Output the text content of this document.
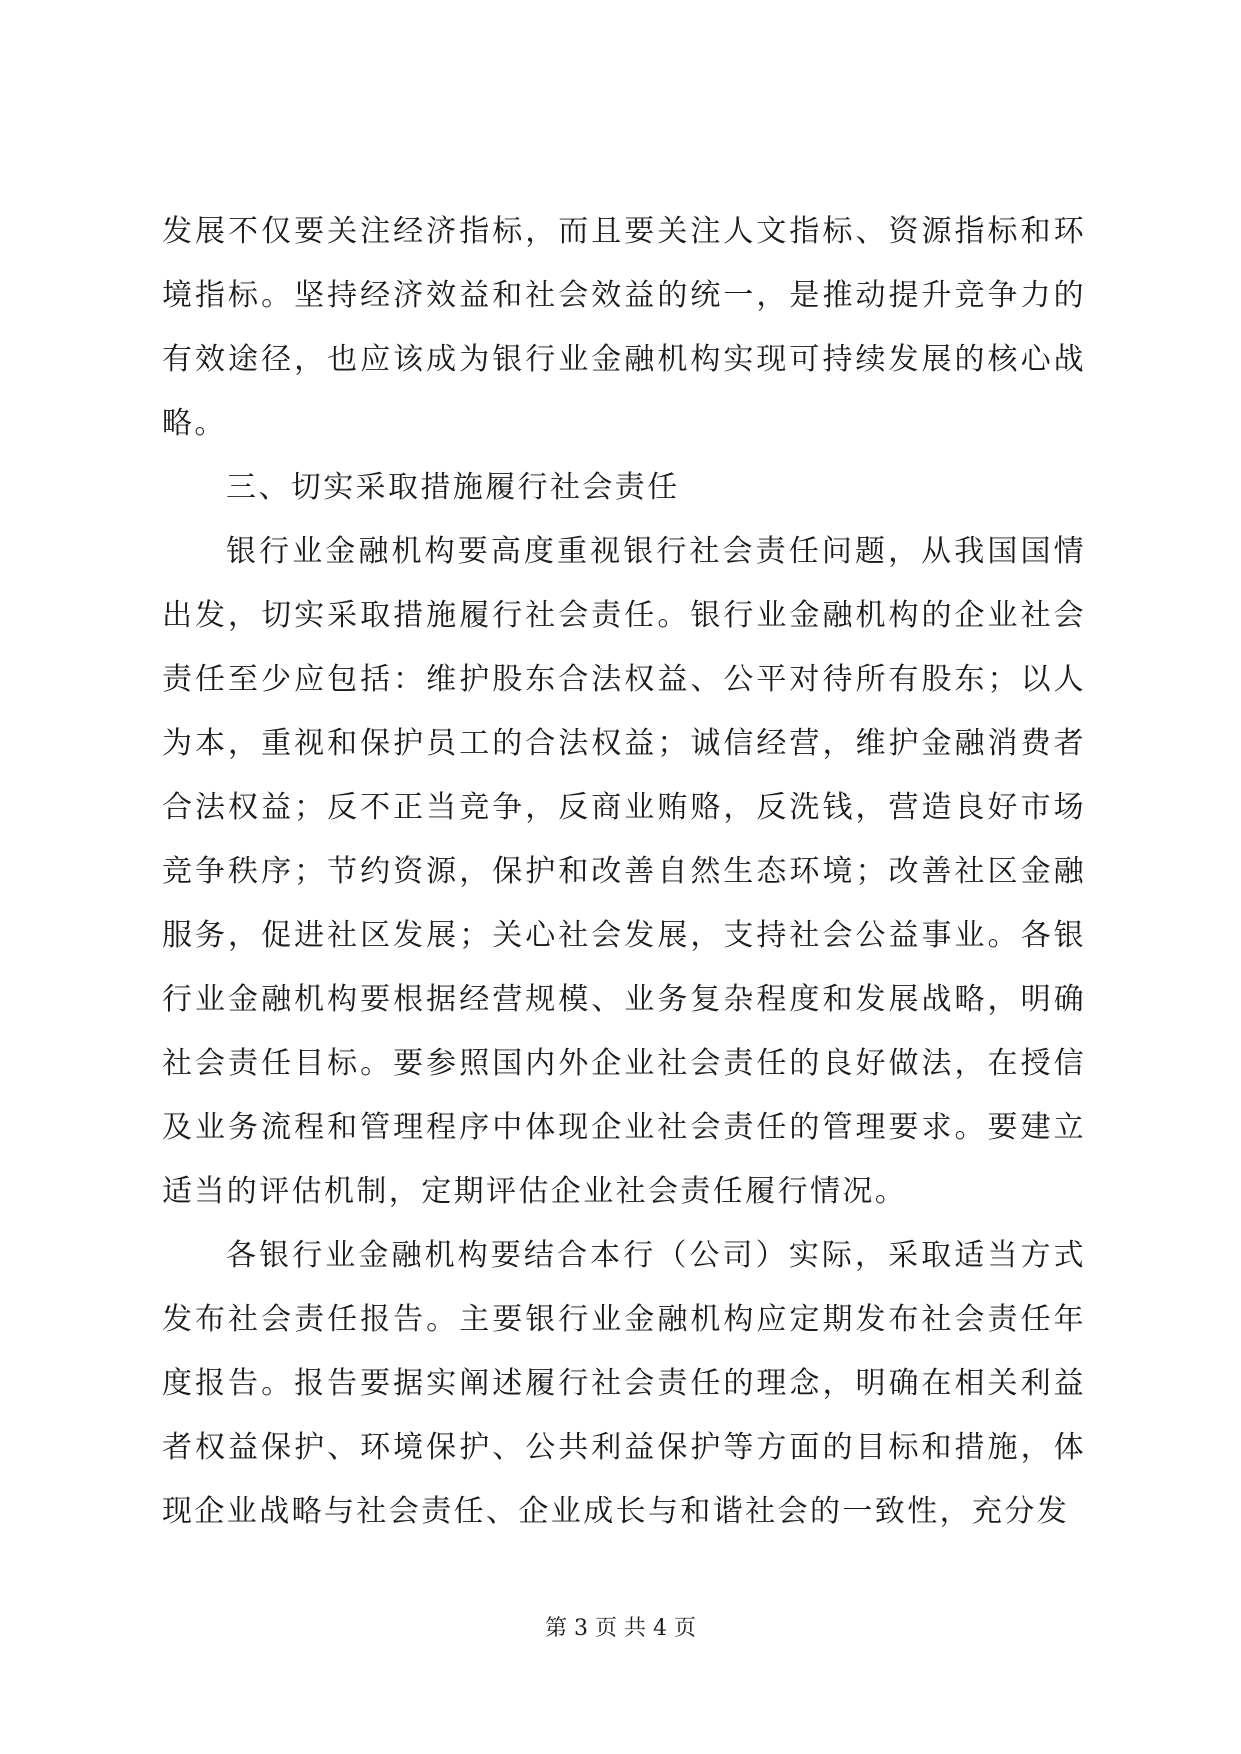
发展不仅要关注经济指标，而且要关注人文指标、资源指标和环境指标。坚持经济效益和社会效益的统一，是推动提升竞争力的有效途径，也应该成为银行业金融机构实现可持续发展的核心战略。

三、切实采取措施履行社会责任

银行业金融机构要高度重视银行社会责任问题，从我国国情出发，切实采取措施履行社会责任。银行业金融机构的企业社会责任至少应包括：维护股东合法权益、公平对待所有股东；以人为本，重视和保护员工的合法权益；诚信经营，维护金融消费者合法权益；反不正当竞争，反商业贿赂，反洗钱，营造良好市场竞争秩序；节约资源，保护和改善自然生态环境；改善社区金融服务，促进社区发展；关心社会发展，支持社会公益事业。各银行业金融机构要根据经营规模、业务复杂程度和发展战略，明确社会责任目标。要参照国内外企业社会责任的良好做法，在授信及业务流程和管理程序中体现企业社会责任的管理要求。要建立适当的评估机制，定期评估企业社会责任履行情况。

各银行业金融机构要结合本行（公司）实际，采取适当方式发布社会责任报告。主要银行业金融机构应定期发布社会责任年度报告。报告要据实阐述履行社会责任的理念，明确在相关利益者权益保护、环境保护、公共利益保护等方面的目标和措施，体现企业战略与社会责任、企业成长与和谐社会的一致性，充分发

第 3 页 共 4 页
